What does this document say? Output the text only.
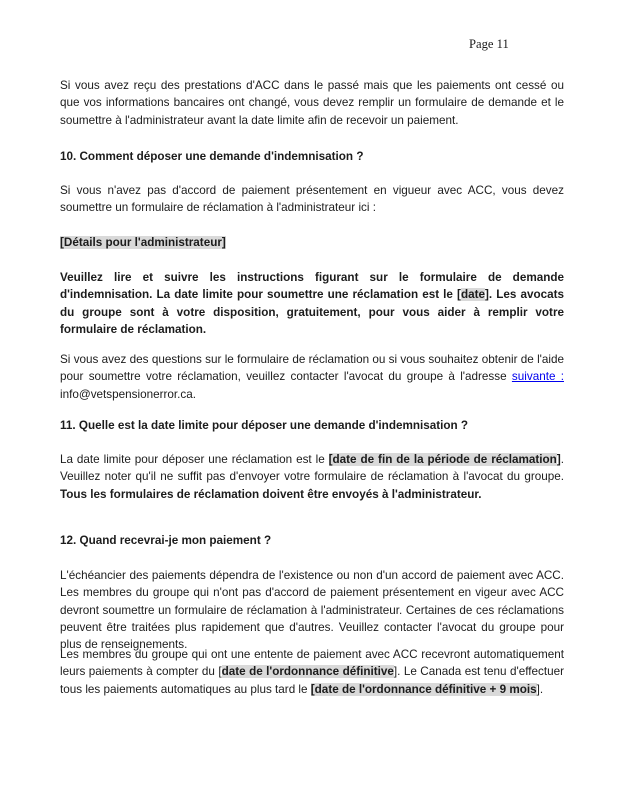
Page 11

Si vous avez reçu des prestations d'ACC dans le passé mais que les paiements ont cessé ou que vos informations bancaires ont changé, vous devez remplir un formulaire de demande et le soumettre à l'administrateur avant la date limite afin de recevoir un paiement.

10. Comment déposer une demande d'indemnisation ?

Si vous n'avez pas d'accord de paiement présentement en vigueur avec ACC, vous devez soumettre un formulaire de réclamation à l'administrateur ici :

[Détails pour l'administrateur]

Veuillez lire et suivre les instructions figurant sur le formulaire de demande d'indemnisation. La date limite pour soumettre une réclamation est le [date]. Les avocats du groupe sont à votre disposition, gratuitement, pour vous aider à remplir votre formulaire de réclamation.

Si vous avez des questions sur le formulaire de réclamation ou si vous souhaitez obtenir de l'aide pour soumettre votre réclamation, veuillez contacter l'avocat du groupe à l'adresse suivante : info@vetspensionerror.ca.

11. Quelle est la date limite pour déposer une demande d'indemnisation ?

La date limite pour déposer une réclamation est le [date de fin de la période de réclamation]. Veuillez noter qu'il ne suffit pas d'envoyer votre formulaire de réclamation à l'avocat du groupe. Tous les formulaires de réclamation doivent être envoyés à l'administrateur.

12. Quand recevrai-je mon paiement ?

L'échéancier des paiements dépendra de l'existence ou non d'un accord de paiement avec ACC. Les membres du groupe qui n'ont pas d'accord de paiement présentement en vigeur avec ACC devront soumettre un formulaire de réclamation à l'administrateur. Certaines de ces réclamations peuvent être traitées plus rapidement que d'autres. Veuillez contacter l'avocat du groupe pour plus de renseignements.

Les membres du groupe qui ont une entente de paiement avec ACC recevront automatiquement leurs paiements à compter du [date de l'ordonnance définitive]. Le Canada est tenu d'effectuer tous les paiements automatiques au plus tard le [date de l'ordonnance définitive + 9 mois].
